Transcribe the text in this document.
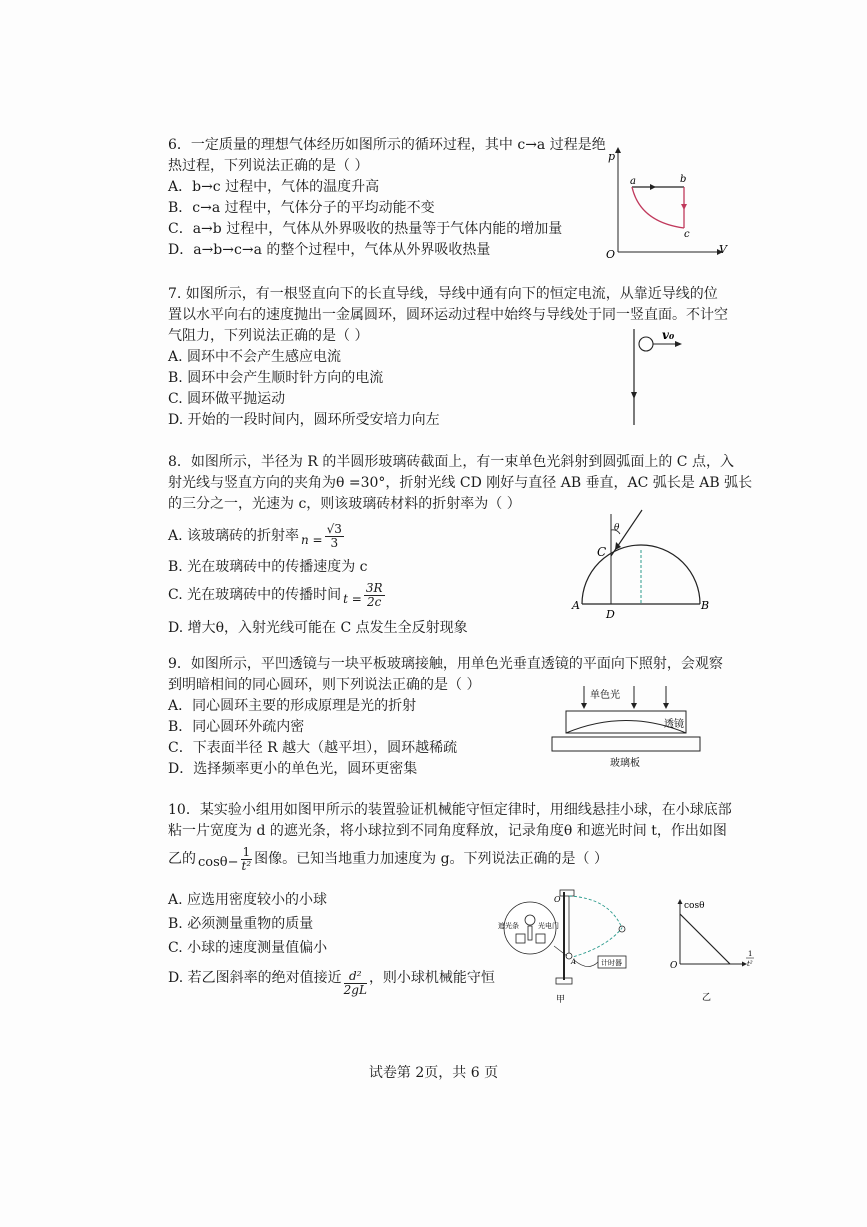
6．一定质量的理想气体经历如图所示的循环过程，其中 c→a 过程是绝
热过程，下列说法正确的是（ ）
A．b→c 过程中，气体的温度升高
B．c→a 过程中，气体分子的平均动能不变
C．a→b 过程中，气体从外界吸收的热量等于气体内能的增加量
D．a→b→c→a 的整个过程中，气体从外界吸收热量
p
V
O
a	b
c
7. 如图所示，有一根竖直向下的长直导线，导线中通有向下的恒定电流，从靠近导线的位
置以水平向右的速度抛出一金属圆环，圆环运动过程中始终与导线处于同一竖直面。不计空
气阻力，下列说法正确的是（ ）
A. 圆环中不会产生感应电流
B. 圆环中会产生顺时针方向的电流
C. 圆环做平抛运动
D. 开始的一段时间内，圆环所受安培力向左
v₀
8．如图所示，半径为 R 的半圆形玻璃砖截面上，有一束单色光斜射到圆弧面上的 C 点，入
射光线与竖直方向的夹角为θ =30°，折射光线 CD 刚好与直径 AB 垂直，AC 弧长是 AB 弧长
的三分之一，光速为 c，则该玻璃砖材料的折射率为（ ）
A. 该玻璃砖的折射率 $n = \frac{√3}{3}$
B. 光在玻璃砖中的传播速度为 c
C. 光在玻璃砖中的传播时间 $t = \frac{3R}{2c}$
D. 增大θ，入射光线可能在 C 点发生全反射现象
θ
C
A	B
D
9．如图所示，平凹透镜与一块平板玻璃接触，用单色光垂直透镜的平面向下照射，会观察
到明暗相间的同心圆环，则下列说法正确的是（ ）
A．同心圆环主要的形成原理是光的折射
B．同心圆环外疏内密
C．下表面半径 R 越大（越平坦），圆环越稀疏
D．选择频率更小的单色光，圆环更密集
单色光
透镜
玻璃板
10．某实验小组用如图甲所示的装置验证机械能守恒定律时，用细线悬挂小球，在小球底部
粘一片宽度为 d 的遮光条，将小球拉到不同角度释放，记录角度θ 和遮光时间 t，作出如图
乙的 $\cos\theta- \frac{1}{\text{t²}}$ 图像。已知当地重力加速度为 g。下列说法正确的是（ ）
A. 应选用密度较小的小球
B. 必须测量重物的质量
C. 小球的速度测量值偏小
D. 若乙图斜率的绝对值接近 $\frac{\text{d²}}{2gL}$ ，则小球机械能守恒
O
A
遮光条	光电门
计时器
甲
cosθ
O
1
t²
乙
试卷第 2页，共 6 页
